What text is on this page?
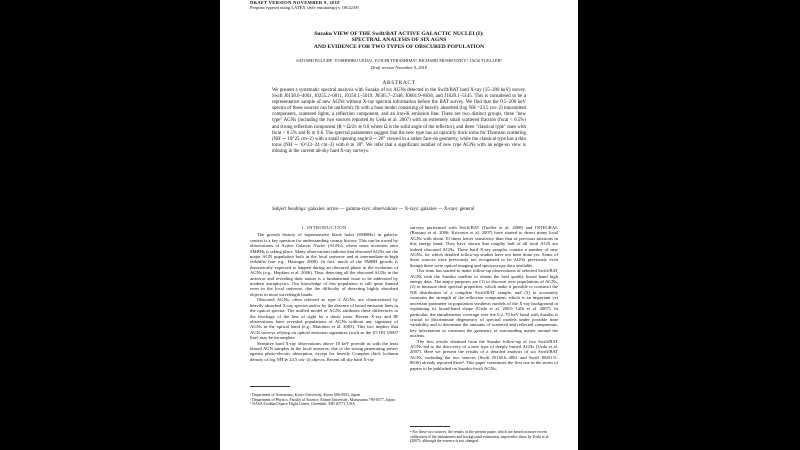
DRAFT VERSION NOVEMBER 9, 2018
Preprint typeset using LATEX style emulateapj v. 08/22/09
Suzaku VIEW OF THE Swift/BAT ACTIVE GALACTIC NUCLEI (I):
SPECTRAL ANALYSIS OF SIX AGNS
AND EVIDENCE FOR TWO TYPES OF OBSCURED POPULATION
SATOSHI EGUCHI¹, YOSHIHIRO UEDA¹, YUICHI TERASHIMA², RICHARD MUSHOTZKY³, JACK TUELLER³
Draft version November 9, 2018
ABSTRACT
We present a systematic spectral analysis with Suzaku of six AGNs detected in the Swift/BAT hard X-ray (15–200 keV) survey, Swift J0138.6–4001, J0255.2–0011, J0350.1–5019, J0505.7–2348, J0601.9–8636, and J1628.1–5145. This is considered to be a representative sample of new AGNs without X-ray spectral information before the BAT survey. We find that the 0.5–200 keV spectra of these sources can be uniformly fit with a base model consisting of heavily absorbed (log NH >23.5 cm−2) transmitted components, scattered lights, a reflection component, and an iron-K emission line. There are two distinct groups, three "new type" AGNs (including the two sources reported by Ueda et al. 2007) with an extremely small scattered fraction (fscat < 0.5%) and strong reflection component (R = Ω/2π ≳ 0.8 where Ω is the solid angle of the reflector), and three "classical type" ones with fscat > 0.5% and R ≲ 0.8. The spectral parameters suggest that the new type has an optically thick torus for Thomson scattering (NH ∼ 10^25 cm−2) with a small opening angle θ ∼ 20° viewed in a rather face-on geometry, while the classical type has a thin torus (NH ∼ 10^23−24 cm−2) with θ ≳ 30°. We infer that a significant number of new type AGNs with an edge-on view is missing in the current all-sky hard X-ray surveys.
Subject headings: galaxies: active — gamma-rays: observations — X-rays: galaxies — X-rays: general
1. INTRODUCTION

The growth history of supermassive black holes (SMBHs) in galactic centers is a key question for understanding cosmic history. This can be traced by observations of Active Galactic Nuclei (AGNs), where mass accretion onto SMBHs is taking place. Many observations indicate that obscured AGNs are the major AGN population both in the local universe and at intermediate-to-high redshifts (see e.g., Hasinger 2008). In fact, much of the SMBH growth is theoretically expected to happen during an obscured phase in the evolution of AGNs (e.g., Hopkins et al. 2006). Thus, detecting all the obscured AGNs in the universe and revealing their nature is a fundamental issue to be addressed by modern astrophysics. Our knowledge of this population is still quite limited even in the local universe, due the difficulty of detecting highly absorbed objects in most wavelength bands.

Obscured AGNs, often referred as type 2 AGNs, are characterized by heavily absorbed X-ray spectra and/or by the absence of broad emission lines in the optical spectra. The unified model of AGNs attributes these differences to the blockage of the line of sight by a dusty torus. Recent X-ray and IR observations have revealed populations of AGNs without any signature of AGNs in the optical band (e.g., Maiolino et al. 2003). This fact implies that AGN surveys relying on optical emission signatures (such as the [O III] λ5007 line) may be incomplete.

Sensitive hard X-ray observations above 10 keV provide us with the least biased AGN samples in the local universe, due to the strong penetrating power against photo-electric absorption, except for heavily Compton thick (column density of log NH ≳ 24.5 cm−2) objects. Recent all sky hard X-ray

surveys performed with Swift/BAT (Tueller et al. 2008) and INTEGRAL (Bassani et al. 2006; Krivonos et al. 2007) have started to detect many local AGNs with about 10 times better sensitivity than that of previous missions in this energy band. They have shown that roughly half of all local AGN are indeed obscured AGNs. These hard X-ray samples contain a number of new AGNs, for which detailed follow-up studies have not been done yet. Some of these sources were previously not recognized to be AGNs previously even though there were optical imaging and spectroscopy data available.

Our team has started to make follow-up observations of selected Swift/BAT AGNs with the Suzaku satellite to obtain the best quality broad band high energy data. The major purposes are (1) to discover new populations of AGNs, (2) to measure their spectral properties, which make it possible to construct the NH distribution of a complete Swift/BAT sample, and (3) to accurately constrain the strength of the reflection component, which is an important yet uncertain parameter in population synthesis models of the X-ray background in explaining its broad-band shape (Ueda et al. 2003; Gilli et al. 2007). In particular, the simultaneous coverage over the 0.2–70 keV band with Suzaku is crucial to discriminate degeneracy of spectral models under possible time variability and to determine the amounts of scattered and reflected components, key information to constrain the geometry of surrounding matter around the nucleus.

The first results obtained from the Suzaku follow-up of two Swift/BAT AGNs led to the discovery of a new type of deeply buried AGNs (Ueda et al. 2007). Here we present the results of a detailed analysis of six Swift/BAT AGNs, including the two sources (Swift J0138.6–4001 and Swift J0601.9–8636) already reported there⁴. This paper constitutes the first one in the series of papers to be published on Suzaku-Swift AGNs,

¹ Department of Astronomy, Kyoto University, Kyoto 606-8502, Japan
² Department of Physics, Faculty of Science, Ehime University, Matsuyama 790-8577, Japan
³ NASA/Goddard Space Flight Center, Greenbelt, MD 20771, USA
⁴ For these two sources, the results of the present paper, which are based on more recent calibration of the instruments and background estimation, supersedes those by Ueda et al. (2007), although the essence is not changed.
